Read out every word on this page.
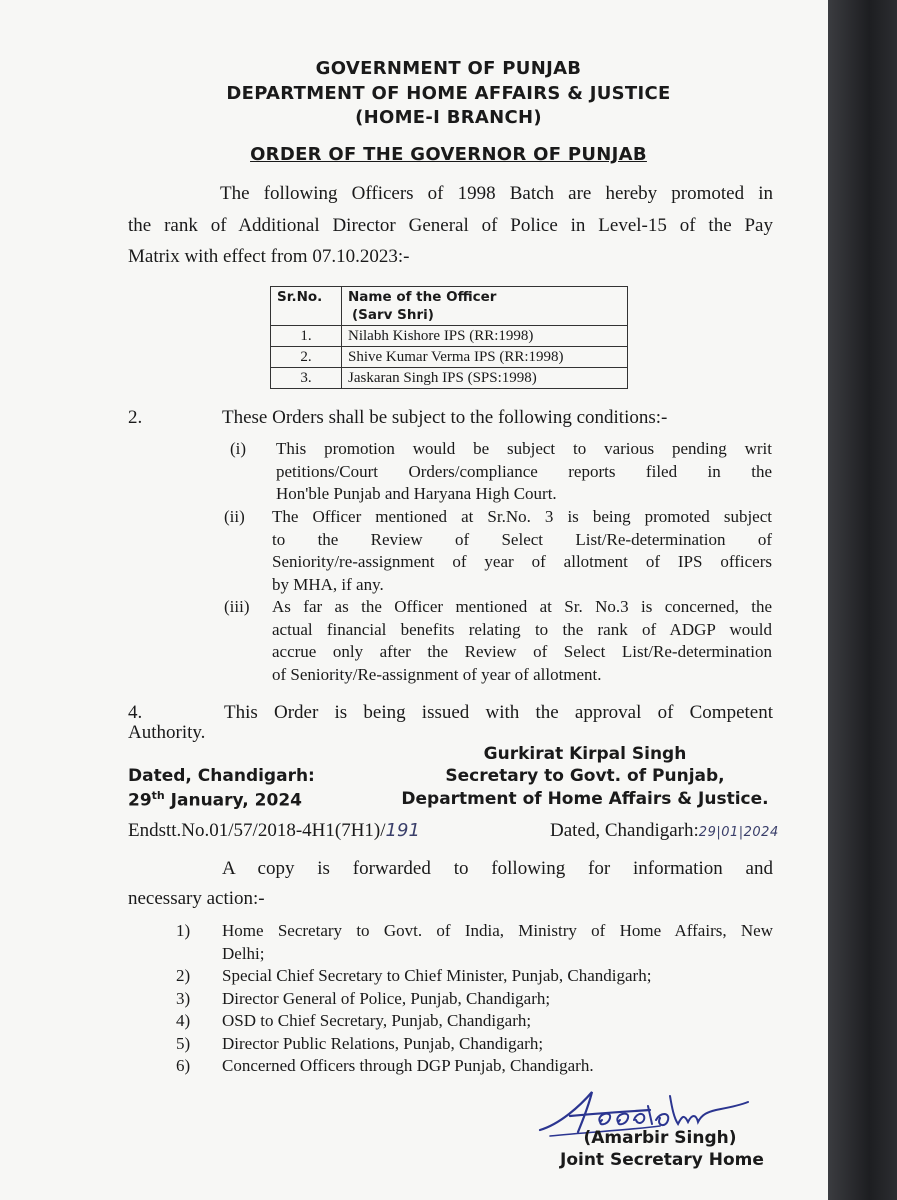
GOVERNMENT OF PUNJAB
DEPARTMENT OF HOME AFFAIRS & JUSTICE
(HOME-I BRANCH)
ORDER OF THE GOVERNOR OF PUNJAB
The following Officers of 1998 Batch are hereby promoted in
the rank of Additional Director General of Police in Level-15 of the Pay
Matrix with effect from 07.10.2023:-
Sr.No.	Name of the Officer
(Sarv Shri)

1.	Nilabh Kishore IPS (RR:1998)
2.	Shive Kumar Verma IPS (RR:1998)
3.	Jaskaran Singh IPS (SPS:1998)
2.	These Orders shall be subject to the following conditions:-
(i) This promotion would be subject to various pending writ
petitions/Court Orders/compliance reports filed in the
Hon'ble Punjab and Haryana High Court.
(ii) The Officer mentioned at Sr.No. 3 is being promoted subject
to the Review of Select List/Re-determination of
Seniority/re-assignment of year of allotment of IPS officers
by MHA, if any.
(iii) As far as the Officer mentioned at Sr. No.3 is concerned, the
actual financial benefits relating to the rank of ADGP would
accrue only after the Review of Select List/Re-determination
of Seniority/Re-assignment of year of allotment.
4.	This Order is being issued with the approval of Competent
Authority.
Gurkirat Kirpal Singh
Secretary to Govt. of Punjab,
Department of Home Affairs & Justice.
Dated, Chandigarh:
29th January, 2024
Endstt.No.01/57/2018-4H1(7H1)/191	Dated, Chandigarh:29|01|2024
A copy is forwarded to following for information and
necessary action:-
1)	Home Secretary to Govt. of India, Ministry of Home Affairs, New
Delhi;
2)	Special Chief Secretary to Chief Minister, Punjab, Chandigarh;
3)	Director General of Police, Punjab, Chandigarh;
4)	OSD to Chief Secretary, Punjab, Chandigarh;
5)	Director Public Relations, Punjab, Chandigarh;
6)	Concerned Officers through DGP Punjab, Chandigarh.
(Amarbir Singh)
Joint Secretary Home
